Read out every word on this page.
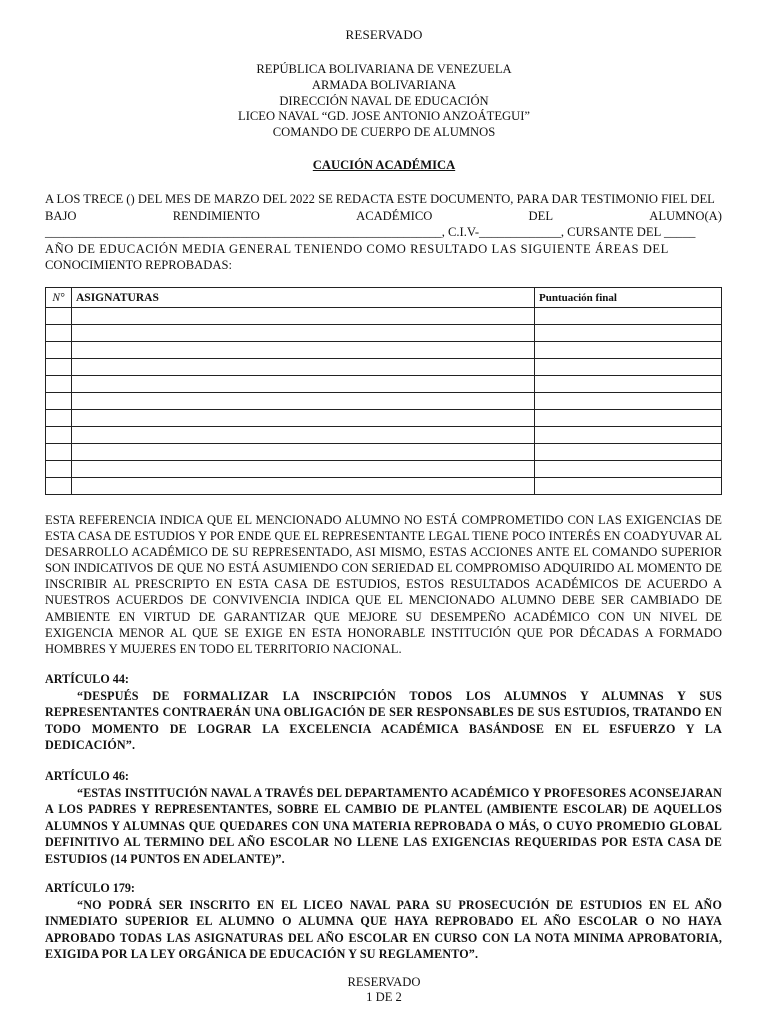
RESERVADO
REPÚBLICA BOLIVARIANA DE VENEZUELA
ARMADA BOLIVARIANA
DIRECCIÓN NAVAL DE EDUCACIÓN
LICEO NAVAL “GD. JOSE ANTONIO ANZOÁTEGUI”
COMANDO DE CUERPO DE ALUMNOS
CAUCIÓN ACADÉMICA
A LOS TRECE () DEL MES DE MARZO DEL 2022 SE REDACTA ESTE DOCUMENTO, PARA DAR TESTIMONIO FIEL DEL
BAJO	RENDIMIENTO	ACADÉMICO	DEL	ALUMNO(A)
_______________________________________________________________, C.I.V-_____________, CURSANTE DEL _____
AÑO DE EDUCACIÓN MEDIA GENERAL TENIENDO COMO RESULTADO LAS SIGUIENTE ÁREAS DEL
CONOCIMIENTO REPROBADAS:
N°	ASIGNATURAS	Puntuación final

ESTA REFERENCIA INDICA QUE EL MENCIONADO ALUMNO NO ESTÁ COMPROMETIDO CON LAS EXIGENCIAS DE ESTA CASA DE ESTUDIOS Y POR ENDE QUE EL REPRESENTANTE LEGAL TIENE POCO INTERÉS EN COADYUVAR AL DESARROLLO ACADÉMICO DE SU REPRESENTADO, ASI MISMO, ESTAS ACCIONES ANTE EL COMANDO SUPERIOR SON INDICATIVOS DE QUE NO ESTÁ ASUMIENDO CON SERIEDAD EL COMPROMISO ADQUIRIDO AL MOMENTO DE INSCRIBIR AL PRESCRIPTO EN ESTA CASA DE ESTUDIOS, ESTOS RESULTADOS ACADÉMICOS DE ACUERDO A NUESTROS ACUERDOS DE CONVIVENCIA INDICA QUE EL MENCIONADO ALUMNO DEBE SER CAMBIADO DE AMBIENTE EN VIRTUD DE GARANTIZAR QUE MEJORE SU DESEMPEÑO ACADÉMICO CON UN NIVEL DE EXIGENCIA MENOR AL QUE SE EXIGE EN ESTA HONORABLE INSTITUCIÓN QUE POR DÉCADAS A FORMADO HOMBRES Y MUJERES EN TODO EL TERRITORIO NACIONAL.
ARTÍCULO 44:
“DESPUÉS DE FORMALIZAR LA INSCRIPCIÓN TODOS LOS ALUMNOS Y ALUMNAS Y SUS REPRESENTANTES CONTRAERÁN UNA OBLIGACIÓN DE SER RESPONSABLES DE SUS ESTUDIOS, TRATANDO EN TODO MOMENTO DE LOGRAR LA EXCELENCIA ACADÉMICA BASÁNDOSE EN EL ESFUERZO Y LA DEDICACIÓN”.
ARTÍCULO 46:
“ESTAS INSTITUCIÓN NAVAL A TRAVÉS DEL DEPARTAMENTO ACADÉMICO Y PROFESORES ACONSEJARAN A LOS PADRES Y REPRESENTANTES, SOBRE EL CAMBIO DE PLANTEL (AMBIENTE ESCOLAR) DE AQUELLOS ALUMNOS Y ALUMNAS QUE QUEDARES CON UNA MATERIA REPROBADA O MÁS, O CUYO PROMEDIO GLOBAL DEFINITIVO AL TERMINO DEL AÑO ESCOLAR NO LLENE LAS EXIGENCIAS REQUERIDAS POR ESTA CASA DE ESTUDIOS (14 PUNTOS EN ADELANTE)”.
ARTÍCULO 179:
“NO PODRÁ SER INSCRITO EN EL LICEO NAVAL PARA SU PROSECUCIÓN DE ESTUDIOS EN EL AÑO INMEDIATO SUPERIOR EL ALUMNO O ALUMNA QUE HAYA REPROBADO EL AÑO ESCOLAR O NO HAYA APROBADO TODAS LAS ASIGNATURAS DEL AÑO ESCOLAR EN CURSO CON LA NOTA MINIMA APROBATORIA, EXIGIDA POR LA LEY ORGÁNICA DE EDUCACIÓN Y SU REGLAMENTO”.
RESERVADO
1 DE 2
